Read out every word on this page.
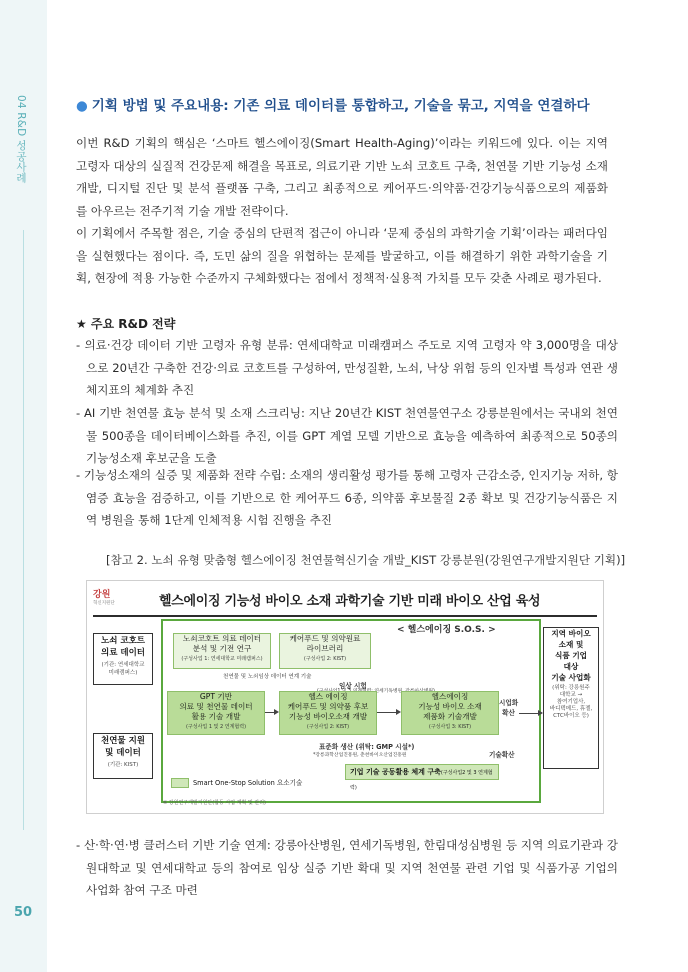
04 R&D 성공사례
50
● 기획 방법 및 주요내용: 기존 의료 데이터를 통합하고, 기술을 묶고, 지역을 연결하다
이번 R&D 기획의 핵심은 ‘스마트 헬스에이징(Smart Health-Aging)’이라는 키워드에 있다. 이는 지역 고령자 대상의 실질적 건강문제 해결을 목표로, 의료기관 기반 노쇠 코호트 구축, 천연물 기반 기능성 소재 개발, 디지털 진단 및 분석 플랫폼 구축, 그리고 최종적으로 케어푸드·의약품·건강기능식품으로의 제품화를 아우르는 전주기적 기술 개발 전략이다.
이 기획에서 주목할 점은, 기술 중심의 단편적 접근이 아니라 ‘문제 중심의 과학기술 기획’이라는 패러다임을 실현했다는 점이다. 즉, 도민 삶의 질을 위협하는 문제를 발굴하고, 이를 해결하기 위한 과학기술을 기획, 현장에 적용 가능한 수준까지 구체화했다는 점에서 정책적·실용적 가치를 모두 갖춘 사례로 평가된다.
★ 주요 R&D 전략
- 의료·건강 데이터 기반 고령자 유형 분류: 연세대학교 미래캠퍼스 주도로 지역 고령자 약 3,000명을 대상으로 20년간 구축한 건강·의료 코호트를 구성하여, 만성질환, 노쇠, 낙상 위험 등의 인자별 특성과 연관 생체지표의 체계화 추진
- AI 기반 천연물 효능 분석 및 소재 스크리닝: 지난 20년간 KIST 천연물연구소 강릉분원에서는 국내외 천연물 500종을 데이터베이스화를 추진, 이를 GPT 계열 모델 기반으로 효능을 예측하여 최종적으로 50종의 기능성소재 후보군을 도출
- 기능성소재의 실증 및 제품화 전략 수립: 소재의 생리활성 평가를 통해 고령자 근감소증, 인지기능 저하, 항염증 효능을 검증하고, 이를 기반으로 한 케어푸드 6종, 의약품 후보물질 2종 확보 및 건강기능식품은 지역 병원을 통해 1단계 인체적용 시험 진행을 추진
[참고 2. 노쇠 유형 맞춤형 헬스에이징 천연물혁신기술 개발_KIST 강릉분원(강원연구개발지원단 기획)]
강원
혁신지원단	헬스에이징 기능성 바이오 소재 과학기술 기반 미래 바이오 산업 육성
노쇠 코호트
의료 데이터
(기관: 연세대학교
미래캠퍼스)
천연물 지원
및 데이터
(기관: KIST)
< 헬스에이징 S.O.S. >
노쇠코호트 의료 데이터
분석 및 기전 연구
(구성사업 1: 연세대학교 미래캠퍼스)
케어푸드 및 의약원료
라이브러리
(구성사업 2: KIST)
천연물 및 노쇠임상 데이터 연계 기술
임상 시험
연세기독병원,
GPT 기반
의료 및 천연물 데이터
활용 기술 개발
(구성사업 1 및 2 연계협력)
헬스 에이징
케어푸드 및 의약품 후보
기능성 바이오소재 개발
(구성사업 2: KIST)
헬스에이징
기능성 바이오 소재
제품화 기술개발
(구성사업 3: KIST)
시업화
확산
표준화 생산 (위탁: GMP 시설*)
*강릉과학산업진흥원, 춘천바이오산업진흥원	기술확산
기업 기술 공동활용 체계 구축(구성사업2 및 3 연계협력)
Smart One-Stop Solution 요소기술
지역 바이오
소재 및
식품 기업
대상
기술 사업화
(위탁: 강릉원주
대학교 →
참여기업사,
바디텍메드, 휴젤,
CTC바이오 등)
※ 강원연구개발지원단(합동 사업 계획 및 관리)
- 산·학·연·병 클러스터 기반 기술 연계: 강릉아산병원, 연세기독병원, 한림대성심병원 등 지역 의료기관과 강원대학교 및 연세대학교 등의 참여로 임상 실증 기반 확대 및 지역 천연물 관련 기업 및 식품가공 기업의 사업화 참여 구조 마련
